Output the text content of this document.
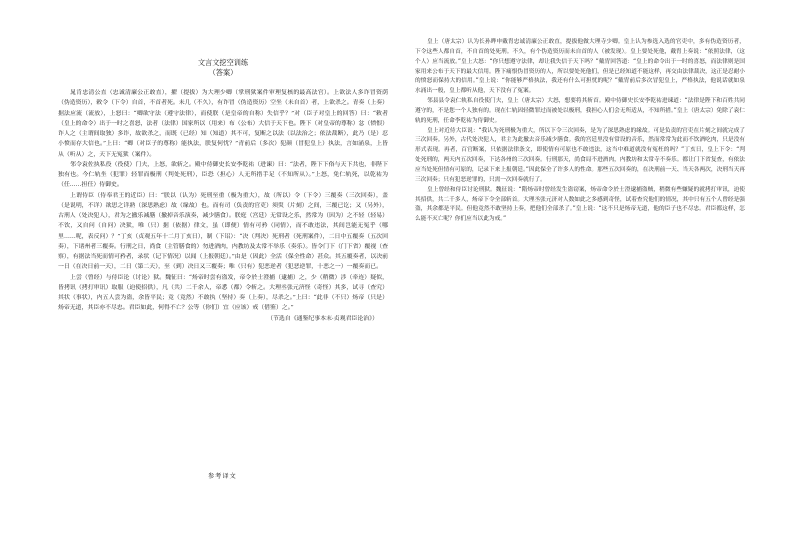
文言文挖空训练

（答案）

晁肯忠清公直（忠诚清廉公正敢直），擢（提拔）为大理少卿（掌刑狱案件审理复核的最高法官）。上欲法人多诈冒资荫（伪造资历），敕令（下令）自首，不首者死。未几（不久），有诈冒（伪造资历）空坐（未自首）者，上欲杀之。青奏（上奏）据法应流（流放），上怒曰：“卿欲守法（遵守法律），而使朕（是皇帝的自称）失信乎？”对（臣子对皇上的回答）曰：“敕者（皇上的命令）出于一时之喜怒，法者（法律）国家所以（用来）布（公布）大信于天下也。陛下（对皇帝的尊称）忿（愤恨）诈人之（主谓间取独）多诈，故欲杀之，而既（已经）知（知道）其不可，复断之以法（以法治之；依法裁断），此乃（是）忍小愤而存大信也。”上曰：“卿（对臣子的尊称）能执法，朕复何忧？”青前后（多次）犯颜（冒犯皇上）执法，言如涌泉，上皆从（听从）之，天下无冤狱（案件）。

邻令袁佐执私役（役使）门夫，上怒，欲斩之。殿中侍御史长安李乾祐（进谏）曰：“法者，陛下下俗与天下共也，非陛下独有也。今仁轨坐（犯罪）轻罪而极刑（判处死刑），臣恐（担心）人无所措手足（不知所从）。”上怒，免仁轨死，以乾祐为（任……担任）侍御史。

上谓侍臣（侍奉君王的近臣）曰：“朕以（认为）死刑至重（极为重大），故（所以）令（下令）三覆奏（三次回奏），盖（是说明，不详）欲思之详熟（深思熟虑）故（缘故）也。而有司（负责的官吏）须臾（片刻）之间，三覆已讫；又（另外），古刑人（处决犯人），君为之撤乐减膳（撤掉音乐演奏，减少膳食）。朕庭（宫廷）无常设之乐，然常为（因为）之不轻（轻易）不饮，又自问（自问）决狱，唯（只）据（依据）律文，虽（即便）情有可矜（同情），而不敢违法，其间岂能无冤乎（哪里……呢，表反问）？”丁亥（贞观五年十二月丁亥日），制（下诏）：“决（判决）死刑者（死刑案件），二日中五覆奏（五次回奏），下诸州者三覆奏。行刑之日，尚食（主管膳食的）勿进酒肉，内教坊及太常不举乐（奏乐）。皆令门下（门下省）覆视（查察），有据法当死而情可矜者，录状（记下情况）以闻（上报朝廷）。”由是（因此）全活（保全性命）甚众。其五覆奏者，以决前一日（在决日前一天），二日（第二天），至（到）决日又三覆奏；唯（只有）犯恶逆者（犯恶逆罪，十恶之一）一覆奏而已。

上尝（曾经）与侍臣论（讨论）狱。魏征曰：“炀帝时尝有盗发，帝令於士澄捕（逮捕）之，少（稍微）涉（牵连）疑似，皆拷讯（拷打审讯）取服（迫使招供），凡（共）二千余人，帝悉（都）令斩之。大理丞张元济怪（奇怪）其多，试寻（查究）其状（事状），内五人尝为盗，余皆平民；竟（竟然）不敢执（坚持）奏（上奏），尽杀之。”上曰：“此非（不只）炀帝（只是）炀帝无道，其臣亦不尽忠。君臣如此，何得不亡？公等（你们）宜（应该）戒（借鉴）之。”

（节选自《通鉴纪事本末·贞观君臣论治》）

参考译文

皇上（唐太宗）认为长孙晔申戴胄忠诚清廉公正敢直，提拔他做大理寺少卿。皇上认为参选入选的官吏中，多有伪造资历者，下令这些人都自首，不自首的处死刑。不久，有个伪造资历而未自首的人（被发现）。皇上要处死他，戴胄上奏说：“依照法律，（这个人）应当流放。”皇上大怒：“你只想遵守法律，却让我失信于天下吗？”戴胄回答道：“皇上的命令出于一时的喜怒，而法律则是国家用来公布于天下的最大信用。陛下痛恨伪冒资历的人，所以要处死他们，但是已经知道不能这样，再交由法律裁决，这正是忍耐小的愤怒而保持大的信用。”皇上说：“你能够严格执法，我还有什么可担忧的呢？”戴胄前后多次冒犯皇上，严格执法，他说话就如泉水涌出一般，皇上都听从他，天下没有了冤案。

邻县县令袁仁轨私自役使门夫，皇上（唐太宗）大怒，想要将其斩首。殿中侍御史长安李乾祐进谏道：“法律是陛下和百姓共同遵守的，不是您一个人独有的。现在仁轨因轻微罪过而被处以极刑，我担心人们会无所适从，不知所措。”皇上（唐太宗）免除了袁仁轨的死刑，任命李乾祐为侍御史。

皇上对近侍大臣说：“我认为死刑极为重大，所以下令三次回奏，是为了深思熟虑的缘故。可是负责的官吏在片刻之间就完成了三次回奏。另外，古代处决犯人，君主为此撤去音乐减少膳食。我的宫廷里没有常设的音乐，然而常常为此而不饮酒吃肉，只是没有形式表现。再者，百官断案，只依据法律条文，即使情有可原也不敢违法，这当中难道就没有冤枉的吗？”丁亥日，皇上下令：“判处死刑的，两天内五次回奏，下达各州的三次回奏。行刑那天，尚食局不进酒肉，内教坊和太常寺不奏乐。都让门下省复查，有依法应当处死但情有可原的，记录下来上报朝廷。”因此保全了许多人的性命。那些五次回奏的，在决刑前一天、当天各两次，决刑当天再三次回奏；只有犯恶逆罪的，只需一次回奏就行了。

皇上曾经和侍臣讨论刑狱。魏征说：“隋炀帝时曾经发生盗窃案，炀帝命令於士澄逮捕盗贼，稍微有些嫌疑的就拷打审讯，迫使其招供，共二千多人，炀帝下令全部斩首。大理丞张元济对人数如此之多感到奇怪，试着查究他们的情况，其中只有五个人曾经是强盗，其余都是平民。但他竟然不敢坚持上奏，把他们全部杀了。”皇上说：“这不只是炀帝无道，他的臣子也不尽忠。君臣都这样，怎么能不灭亡呢？你们应当以此为戒。”
